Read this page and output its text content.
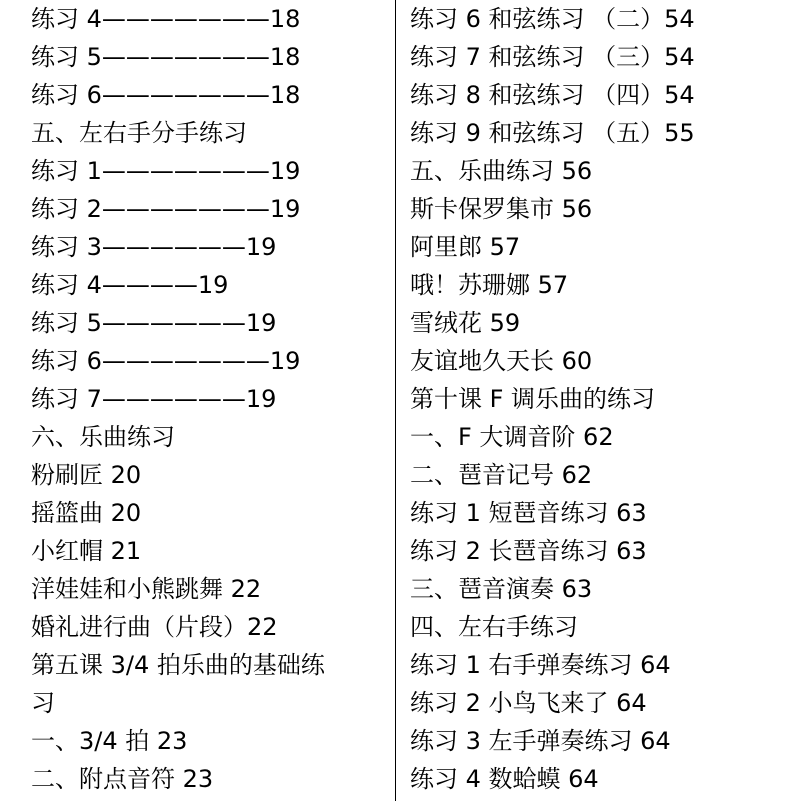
练习 4———————18
练习 5———————18
练习 6———————18
五、左右手分手练习
练习 1———————19
练习 2———————19
练习 3——————19
练习 4————19
练习 5——————19
练习 6———————19
练习 7——————19
六、乐曲练习
粉刷匠 20
摇篮曲 20
小红帽 21
洋娃娃和小熊跳舞 22
婚礼进行曲（片段）22
第五课 3/4 拍乐曲的基础练
习
一、3/4 拍 23
二、附点音符 23
练习 6 和弦练习 （二）54
练习 7 和弦练习 （三）54
练习 8 和弦练习 （四）54
练习 9 和弦练习 （五）55
五、乐曲练习 56
斯卡保罗集市 56
阿里郎 57
哦！苏珊娜 57
雪绒花 59
友谊地久天长 60
第十课 F 调乐曲的练习
一、F 大调音阶 62
二、琶音记号 62
练习 1 短琶音练习 63
练习 2 长琶音练习 63
三、琶音演奏 63
四、左右手练习
练习 1 右手弹奏练习 64
练习 2 小鸟飞来了 64
练习 3 左手弹奏练习 64
练习 4 数蛤蟆 64
